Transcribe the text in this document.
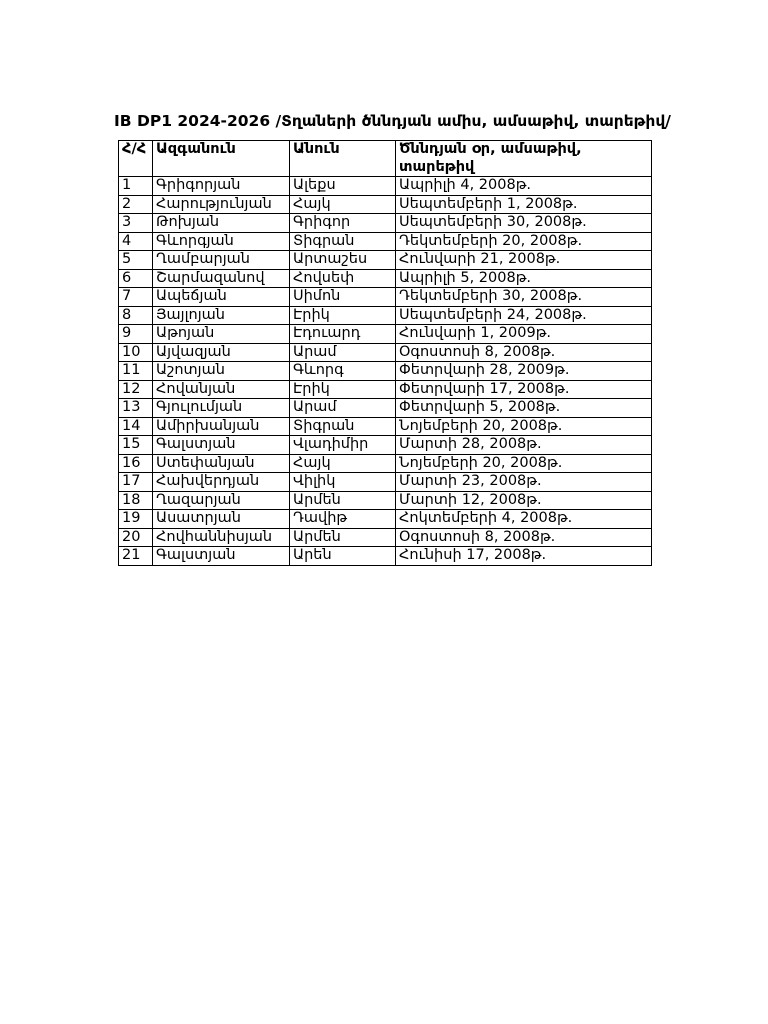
IB DP1 2024-2026 /Տղաների ծննդյան ամիս, ամսաթիվ, տարեթիվ/
Հ/Հ	Ազգանուն	Անուն	Ծննդյան օր, ամսաթիվ, տարեթիվ
1	Գրիգորյան	Ալեքս	Ապրիլի 4, 2008թ.
2	Հարությունյան	Հայկ	Սեպտեմբերի 1, 2008թ.
3	Թոխյան	Գրիգոր	Սեպտեմբերի 30, 2008թ.
4	Գևորգյան	Տիգրան	Դեկտեմբերի 20, 2008թ.
5	Ղամբարյան	Արտաշես	Հունվարի 21, 2008թ.
6	Շարմազանով	Հովսեփ	Ապրիլի 5, 2008թ.
7	Ապեճյան	Սիմոն	Դեկտեմբերի 30, 2008թ.
8	Յայլոյան	Էրիկ	Սեպտեմբերի 24, 2008թ.
9	Աթոյան	Էդուարդ	Հունվարի 1, 2009թ.
10	Այվազյան	Արամ	Օգոստոսի 8, 2008թ.
11	Աշոտյան	Գևորգ	Փետրվարի 28, 2009թ.
12	Հովանյան	Էրիկ	Փետրվարի 17, 2008թ.
13	Գյուլումյան	Արամ	Փետրվարի 5, 2008թ.
14	Ամիրխանյան	Տիգրան	Նոյեմբերի 20, 2008թ.
15	Գալստյան	Վլադիմիր	Մարտի 28, 2008թ.
16	Ստեփանյան	Հայկ	Նոյեմբերի 20, 2008թ.
17	Հախվերդյան	Վիլիկ	Մարտի 23, 2008թ.
18	Ղազարյան	Արմեն	Մարտի 12, 2008թ.
19	Ասատրյան	Դավիթ	Հոկտեմբերի 4, 2008թ.
20	Հովհաննիսյան	Արմեն	Օգոստոսի 8, 2008թ.
21	Գալստյան	Արեն	Հունիսի 17, 2008թ.
